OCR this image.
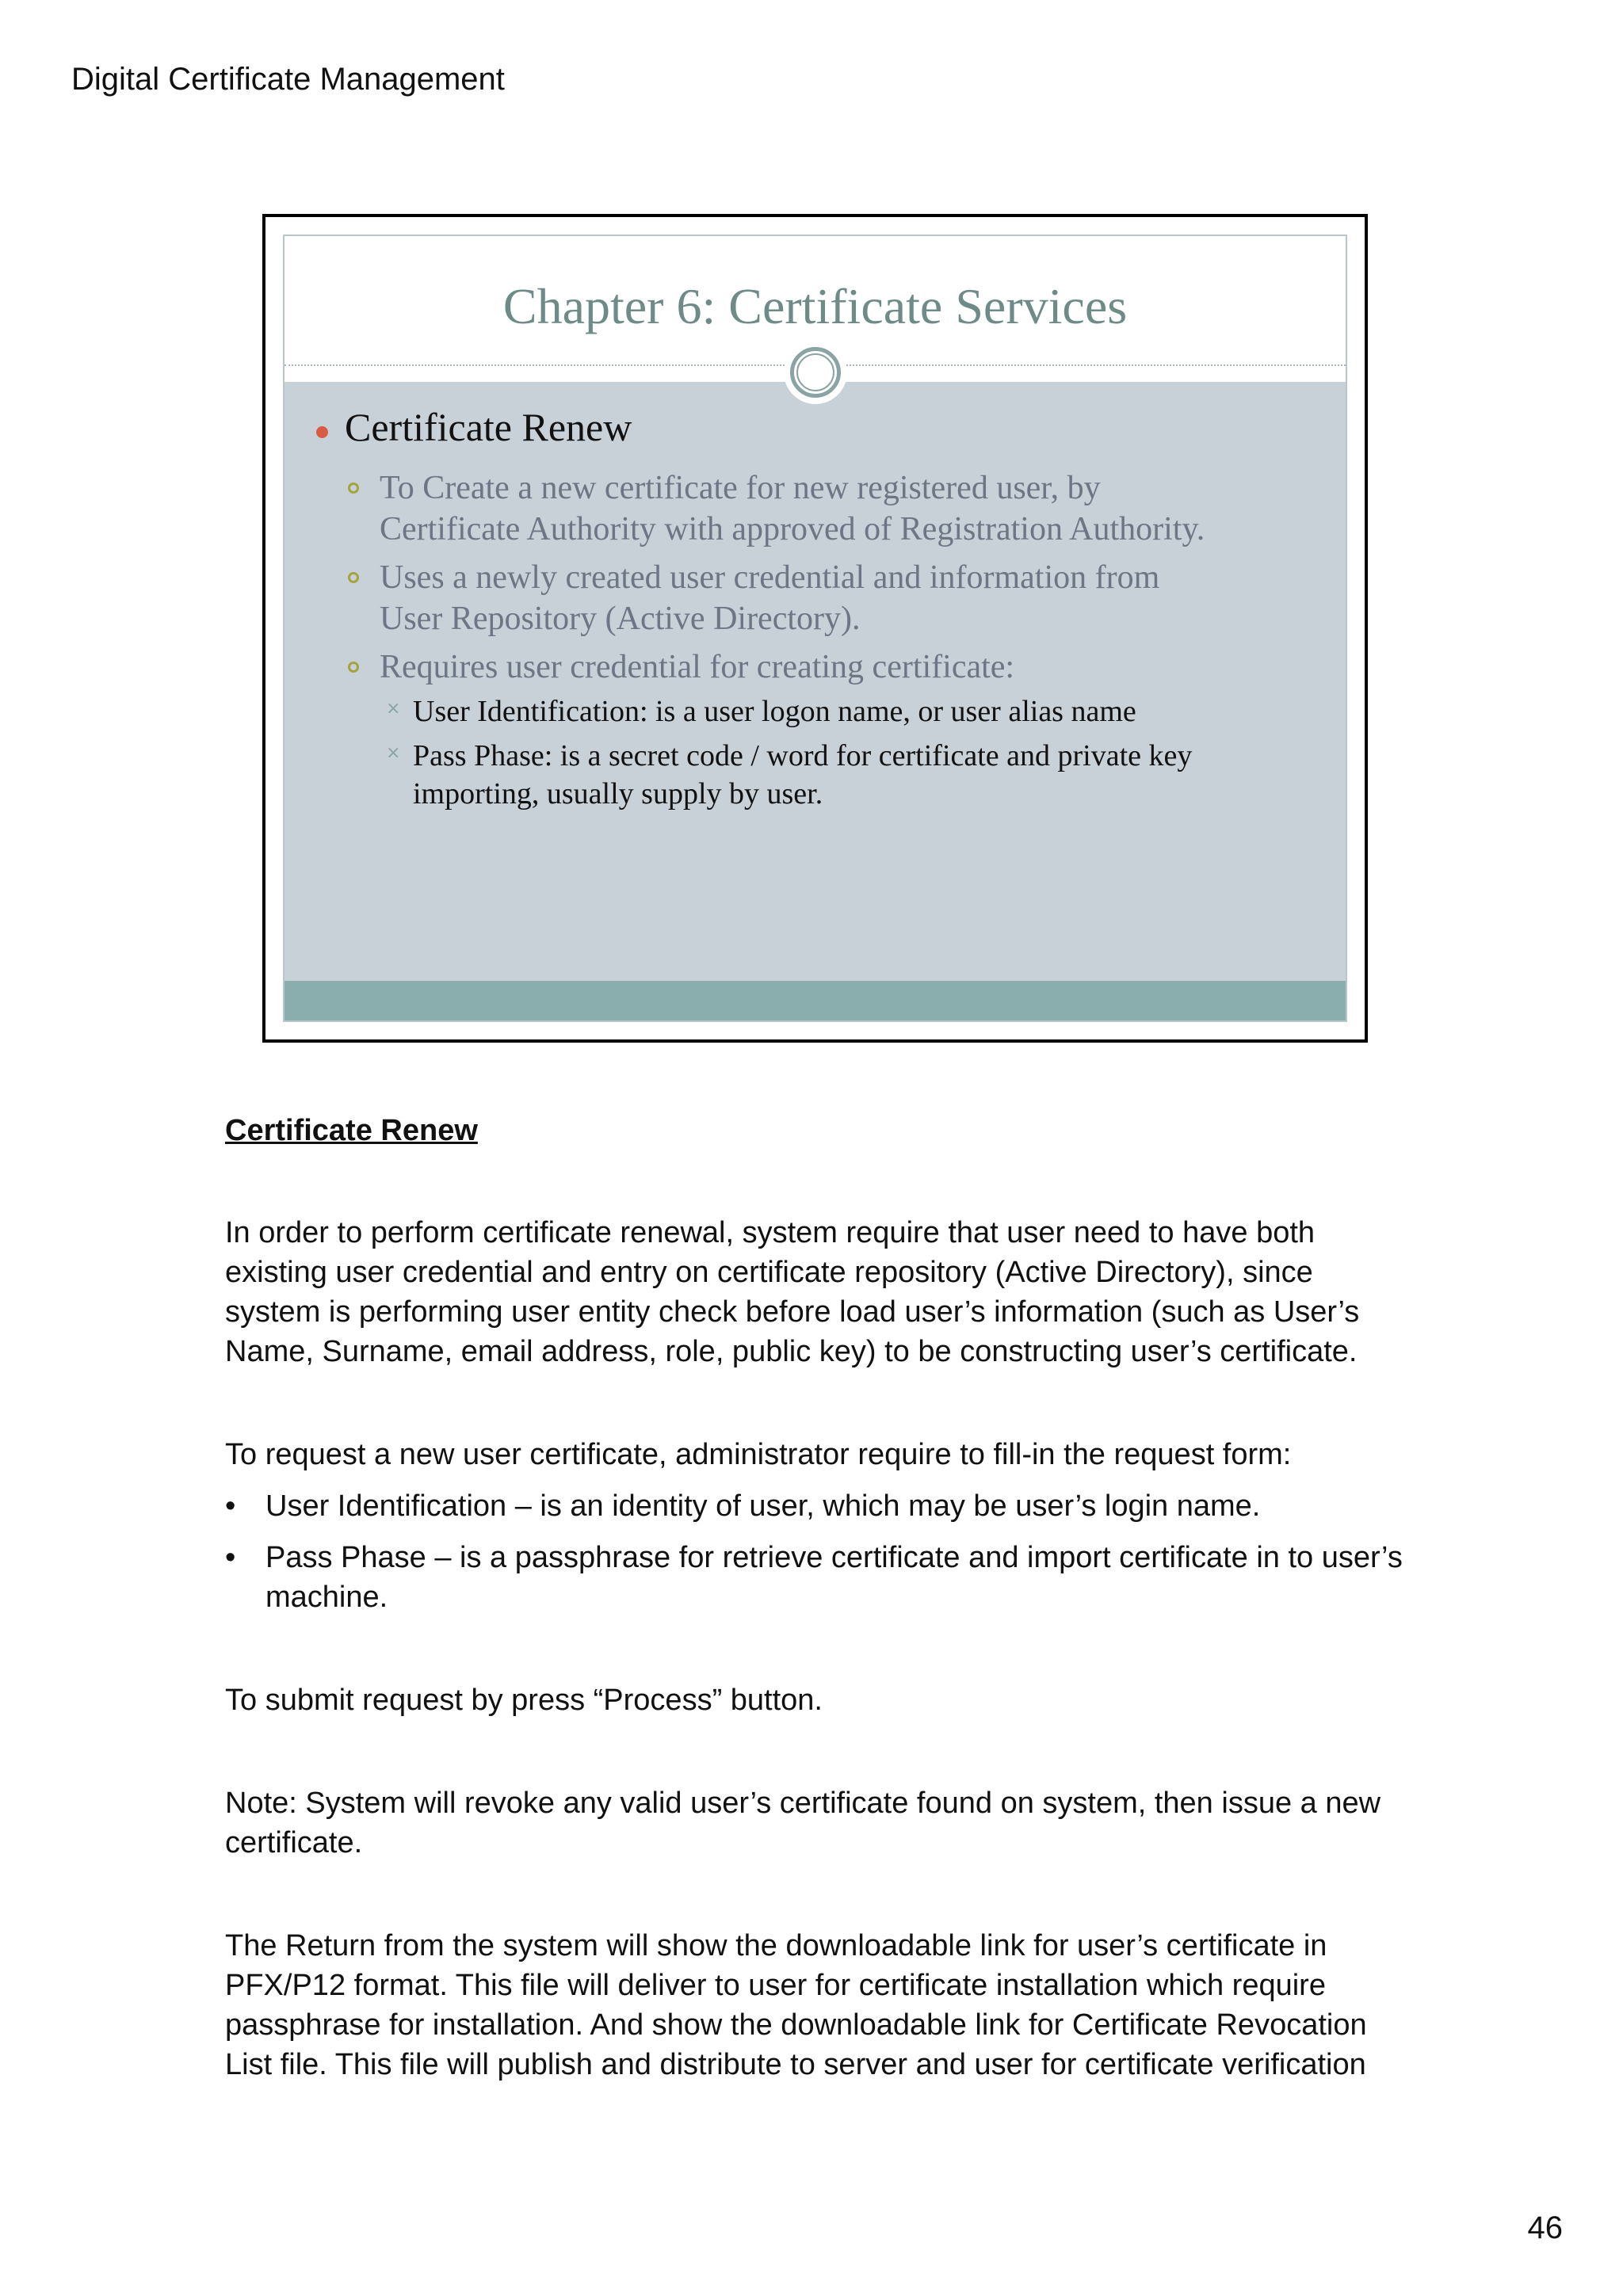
Digital Certificate Management
Chapter 6: Certificate Services
Certificate Renew
To Create a new certificate for new registered user, by
Certificate Authority with approved of Registration Authority.
Uses a newly created user credential and information from
User Repository (Active Directory).
Requires user credential for creating certificate:
× User Identification: is a user logon name, or user alias name
× Pass Phase: is a secret code / word for certificate and private key
importing, usually supply by user.
Certificate Renew
In order to perform certificate renewal, system require that user need to have both
existing user credential and entry on certificate repository (Active Directory), since
system is performing user entity check before load user’s information (such as User’s
Name, Surname, email address, role, public key) to be constructing user’s certificate.
To request a new user certificate, administrator require to fill-in the request form:
• User Identification – is an identity of user, which may be user’s login name.
• Pass Phase – is a passphrase for retrieve certificate and import certificate in to user’s
machine.
To submit request by press “Process” button.
Note: System will revoke any valid user’s certificate found on system, then issue a new
certificate.
The Return from the system will show the downloadable link for user’s certificate in
PFX/P12 format. This file will deliver to user for certificate installation which require
passphrase for installation. And show the downloadable link for Certificate Revocation
List file. This file will publish and distribute to server and user for certificate verification
46
